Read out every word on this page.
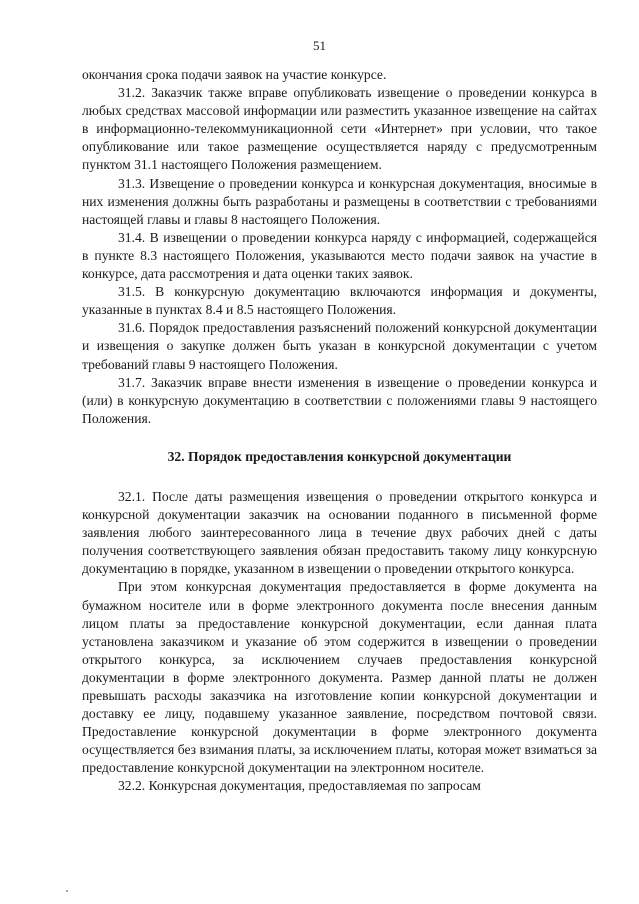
51

окончания срока подачи заявок на участие конкурсе.

31.2. Заказчик также вправе опубликовать извещение о проведении конкурса в любых средствах массовой информации или разместить указанное извещение на сайтах в информационно-телекоммуникационной сети «Интернет» при условии, что такое опубликование или такое размещение осуществляется наряду с предусмотренным пунктом 31.1 настоящего Положения размещением.

31.3. Извещение о проведении конкурса и конкурсная документация, вносимые в них изменения должны быть разработаны и размещены в соответствии с требованиями настоящей главы и главы 8 настоящего Положения.

31.4. В извещении о проведении конкурса наряду с информацией, содержащейся в пункте 8.3 настоящего Положения, указываются место подачи заявок на участие в конкурсе, дата рассмотрения и дата оценки таких заявок.

31.5. В конкурсную документацию включаются информация и документы, указанные в пунктах 8.4 и 8.5 настоящего Положения.

31.6. Порядок предоставления разъяснений положений конкурсной документации и извещения о закупке должен быть указан в конкурсной документации с учетом требований главы 9 настоящего Положения.

31.7. Заказчик вправе внести изменения в извещение о проведении конкурса и (или) в конкурсную документацию в соответствии с положениями главы 9 настоящего Положения.

32. Порядок предоставления конкурсной документации

32.1. После даты размещения извещения о проведении открытого конкурса и конкурсной документации заказчик на основании поданного в письменной форме заявления любого заинтересованного лица в течение двух рабочих дней с даты получения соответствующего заявления обязан предоставить такому лицу конкурсную документацию в порядке, указанном в извещении о проведении открытого конкурса.

При этом конкурсная документация предоставляется в форме документа на бумажном носителе или в форме электронного документа после внесения данным лицом платы за предоставление конкурсной документации, если данная плата установлена заказчиком и указание об этом содержится в извещении о проведении открытого конкурса, за исключением случаев предоставления конкурсной документации в форме электронного документа. Размер данной платы не должен превышать расходы заказчика на изготовление копии конкурсной документации и доставку ее лицу, подавшему указанное заявление, посредством почтовой связи. Предоставление конкурсной документации в форме электронного документа осуществляется без взимания платы, за исключением платы, которая может взиматься за предоставление конкурсной документации на электронном носителе.

32.2. Конкурсная документация, предоставляемая по запросам
